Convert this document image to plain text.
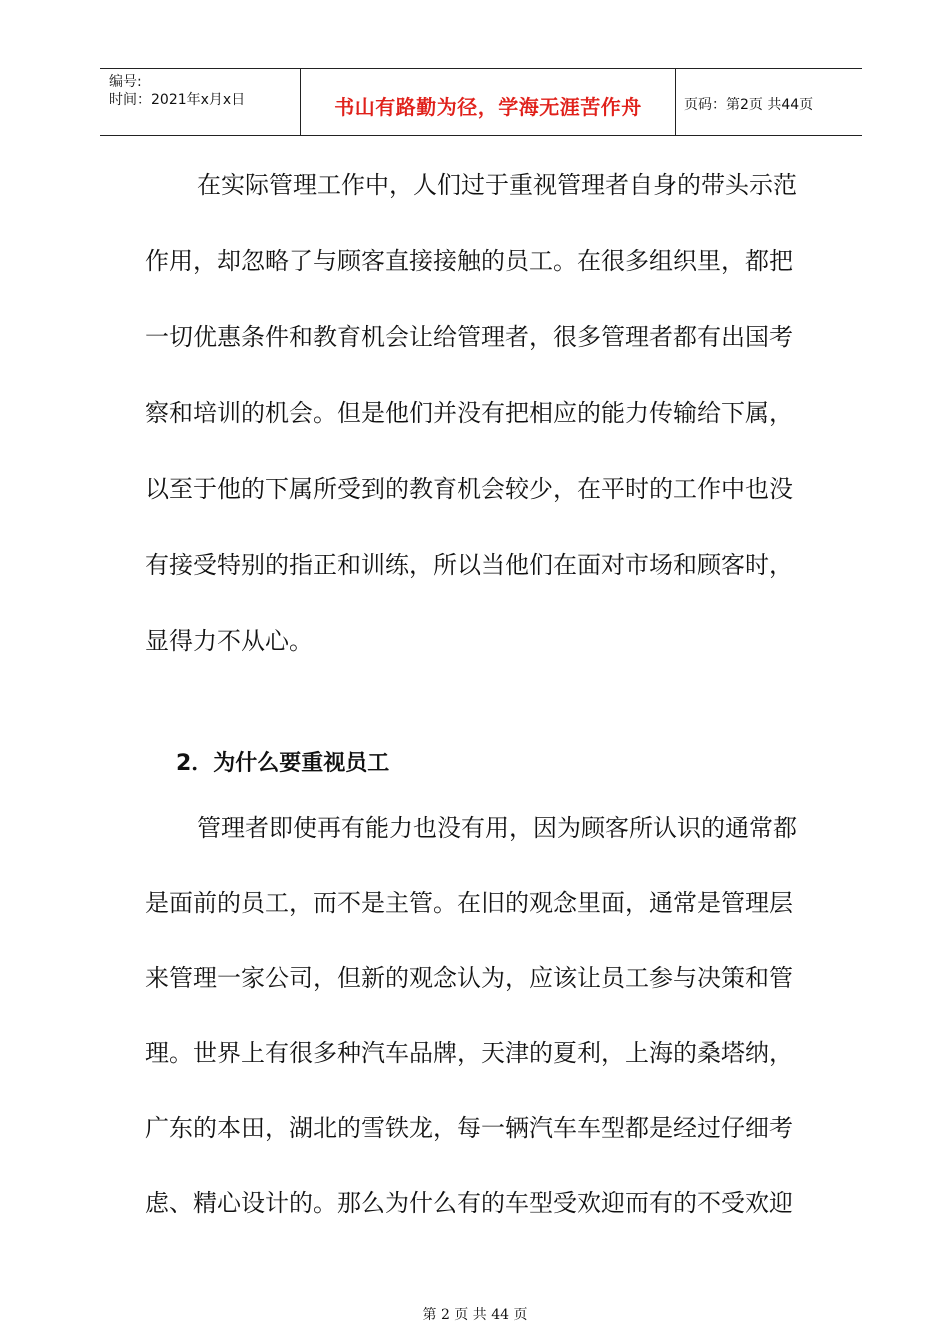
编号:
时间：2021年x月x日	书山有路勤为径，学海无涯苦作舟	页码：第2页 共44页
在实际管理工作中，人们过于重视管理者自身的带头示范
作用，却忽略了与顾客直接接触的员工。在很多组织里，都把
一切优惠条件和教育机会让给管理者，很多管理者都有出国考
察和培训的机会。但是他们并没有把相应的能力传输给下属，
以至于他的下属所受到的教育机会较少，在平时的工作中也没
有接受特别的指正和训练，所以当他们在面对市场和顾客时，
显得力不从心。
2．为什么要重视员工
管理者即使再有能力也没有用，因为顾客所认识的通常都
是面前的员工，而不是主管。在旧的观念里面，通常是管理层
来管理一家公司，但新的观念认为，应该让员工参与决策和管
理。世界上有很多种汽车品牌，天津的夏利，上海的桑塔纳，
广东的本田，湖北的雪铁龙，每一辆汽车车型都是经过仔细考
虑、精心设计的。那么为什么有的车型受欢迎而有的不受欢迎
第 2 页 共 44 页
